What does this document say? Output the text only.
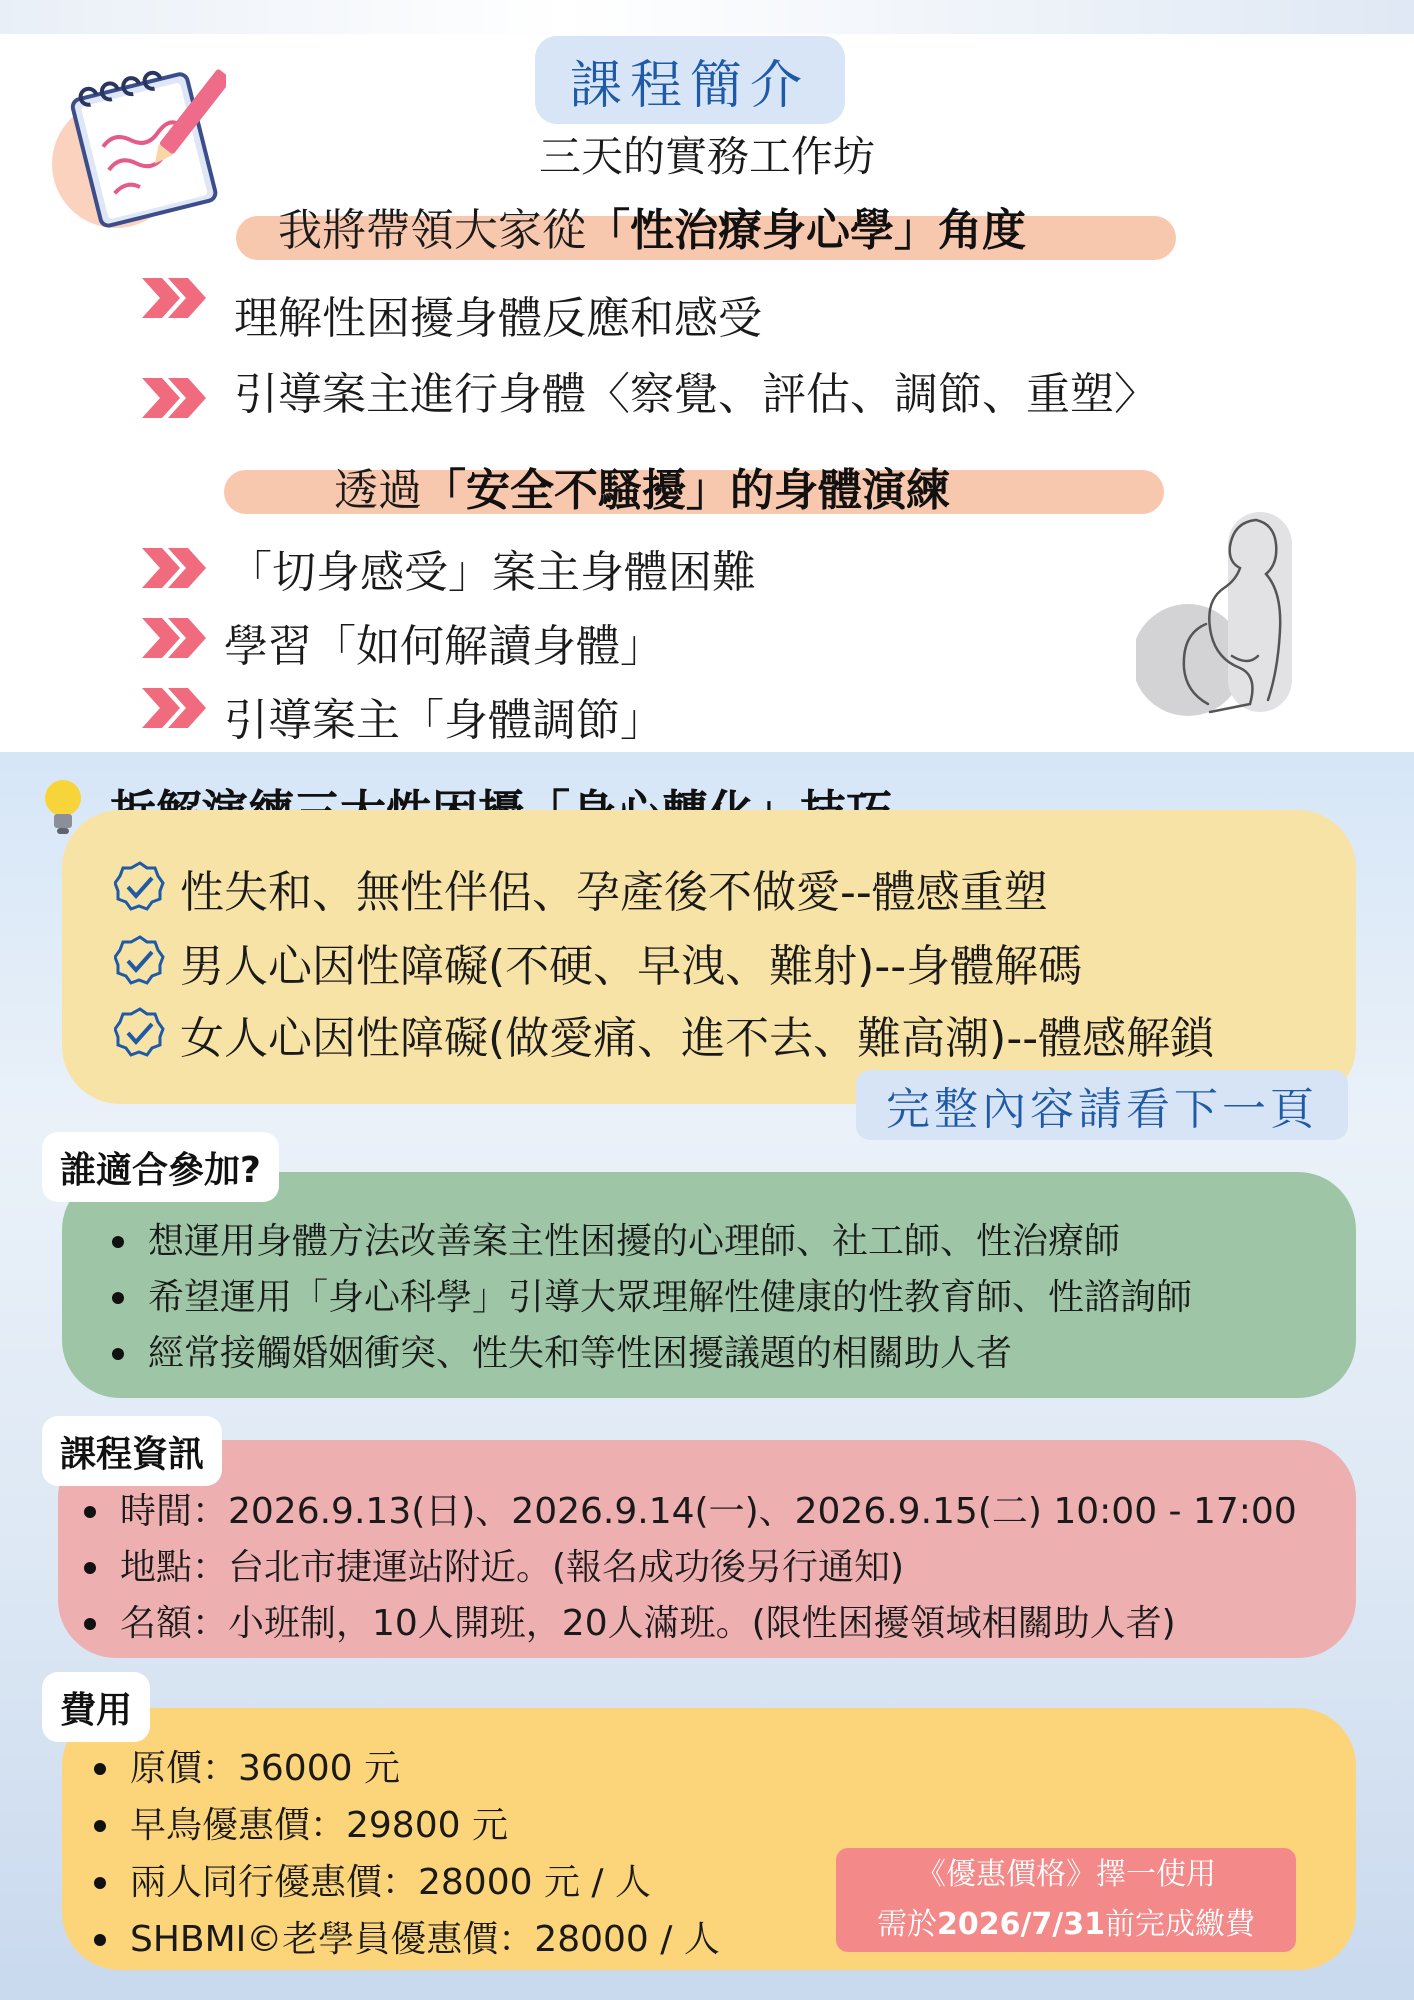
課程簡介
三天的實務工作坊
我將帶領大家從「性治療身心學」角度
理解性困擾身體反應和感受
引導案主進行身體〈察覺、評估、調節、重塑〉
透過「安全不騷擾」的身體演練
「切身感受」案主身體困難
學習「如何解讀身體」
引導案主「身體調節」
性失和、無性伴侶、孕產後不做愛--體感重塑
男人心因性障礙(不硬、早洩、難射)--身體解碼
女人心因性障礙(做愛痛、進不去、難高潮)--體感解鎖
完整內容請看下一頁
誰適合參加?
想運用身體方法改善案主性困擾的心理師、社工師、性治療師
希望運用「身心科學」引導大眾理解性健康的性教育師、性諮詢師
經常接觸婚姻衝突、性失和等性困擾議題的相關助人者
課程資訊
時間：2026.9.13(日)、2026.9.14(一)、2026.9.15(二) 10:00 - 17:00
地點：台北市捷運站附近。(報名成功後另行通知)
名額：小班制，10人開班，20人滿班。(限性困擾領域相關助人者)
費用
原價：36000 元
早鳥優惠價：29800 元
兩人同行優惠價：28000 元 / 人
SHBMI©老學員優惠價：28000 / 人
《優惠價格》擇一使用
需於2026/7/31前完成繳費
